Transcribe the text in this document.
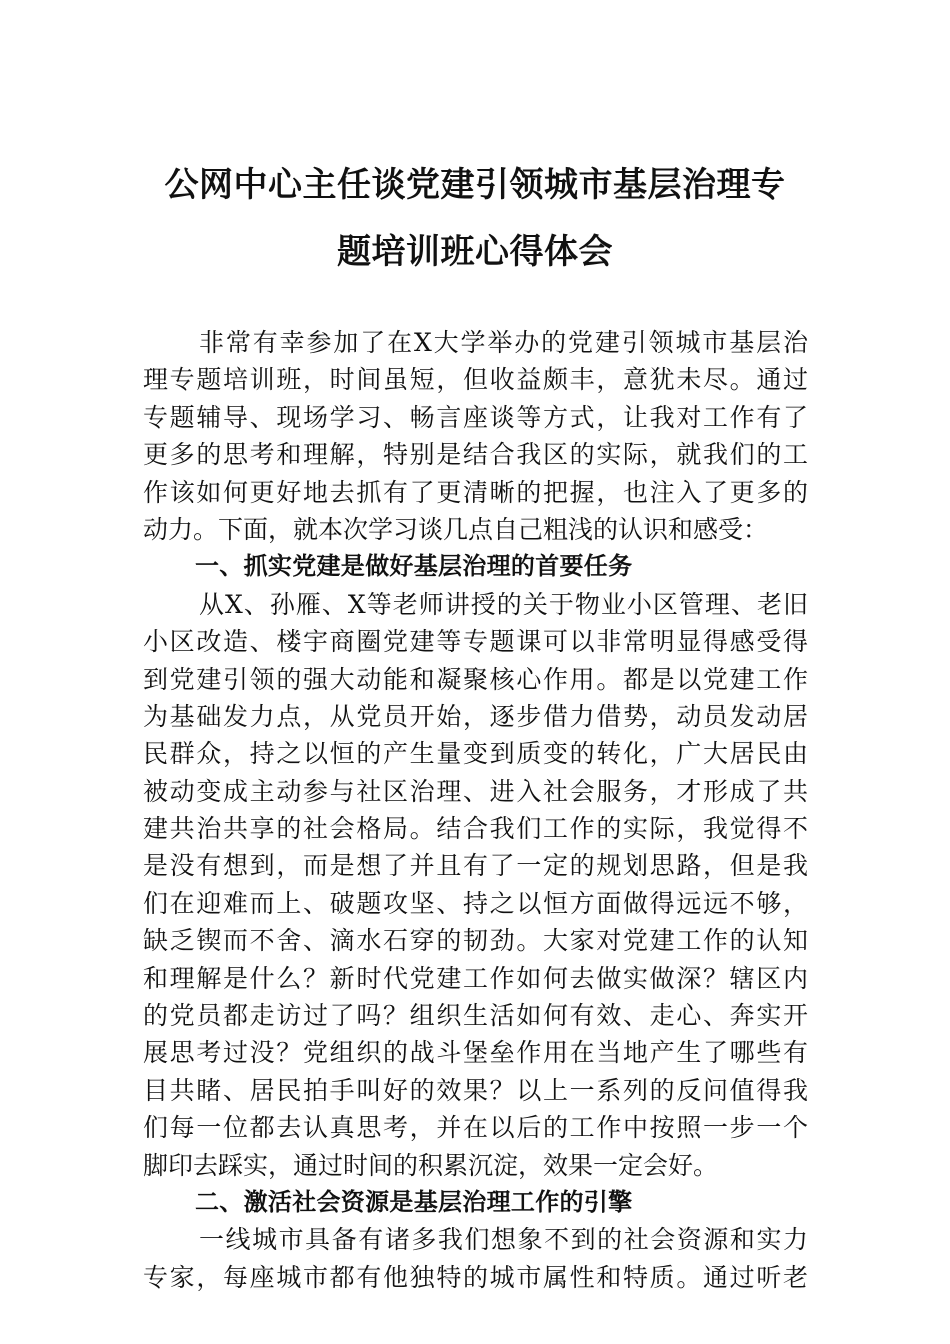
公网中心主任谈党建引领城市基层治理专
题培训班心得体会
非常有幸参加了在X大学举办的党建引领城市基层治
理专题培训班，时间虽短，但收益颇丰，意犹未尽。通过
专题辅导、现场学习、畅言座谈等方式，让我对工作有了
更多的思考和理解，特别是结合我区的实际，就我们的工
作该如何更好地去抓有了更清晰的把握，也注入了更多的
动力。下面，就本次学习谈几点自己粗浅的认识和感受：
一、抓实党建是做好基层治理的首要任务
从X、孙雁、X等老师讲授的关于物业小区管理、老旧
小区改造、楼宇商圈党建等专题课可以非常明显得感受得
到党建引领的强大动能和凝聚核心作用。都是以党建工作
为基础发力点，从党员开始，逐步借力借势，动员发动居
民群众，持之以恒的产生量变到质变的转化，广大居民由
被动变成主动参与社区治理、进入社会服务，才形成了共
建共治共享的社会格局。结合我们工作的实际，我觉得不
是没有想到，而是想了并且有了一定的规划思路，但是我
们在迎难而上、破题攻坚、持之以恒方面做得远远不够，
缺乏锲而不舍、滴水石穿的韧劲。大家对党建工作的认知
和理解是什么？新时代党建工作如何去做实做深？辖区内
的党员都走访过了吗？组织生活如何有效、走心、奔实开
展思考过没？党组织的战斗堡垒作用在当地产生了哪些有
目共睹、居民拍手叫好的效果？以上一系列的反问值得我
们每一位都去认真思考，并在以后的工作中按照一步一个
脚印去踩实，通过时间的积累沉淀，效果一定会好。
二、激活社会资源是基层治理工作的引擎
一线城市具备有诸多我们想象不到的社会资源和实力
专家，每座城市都有他独特的城市属性和特质。通过听老
